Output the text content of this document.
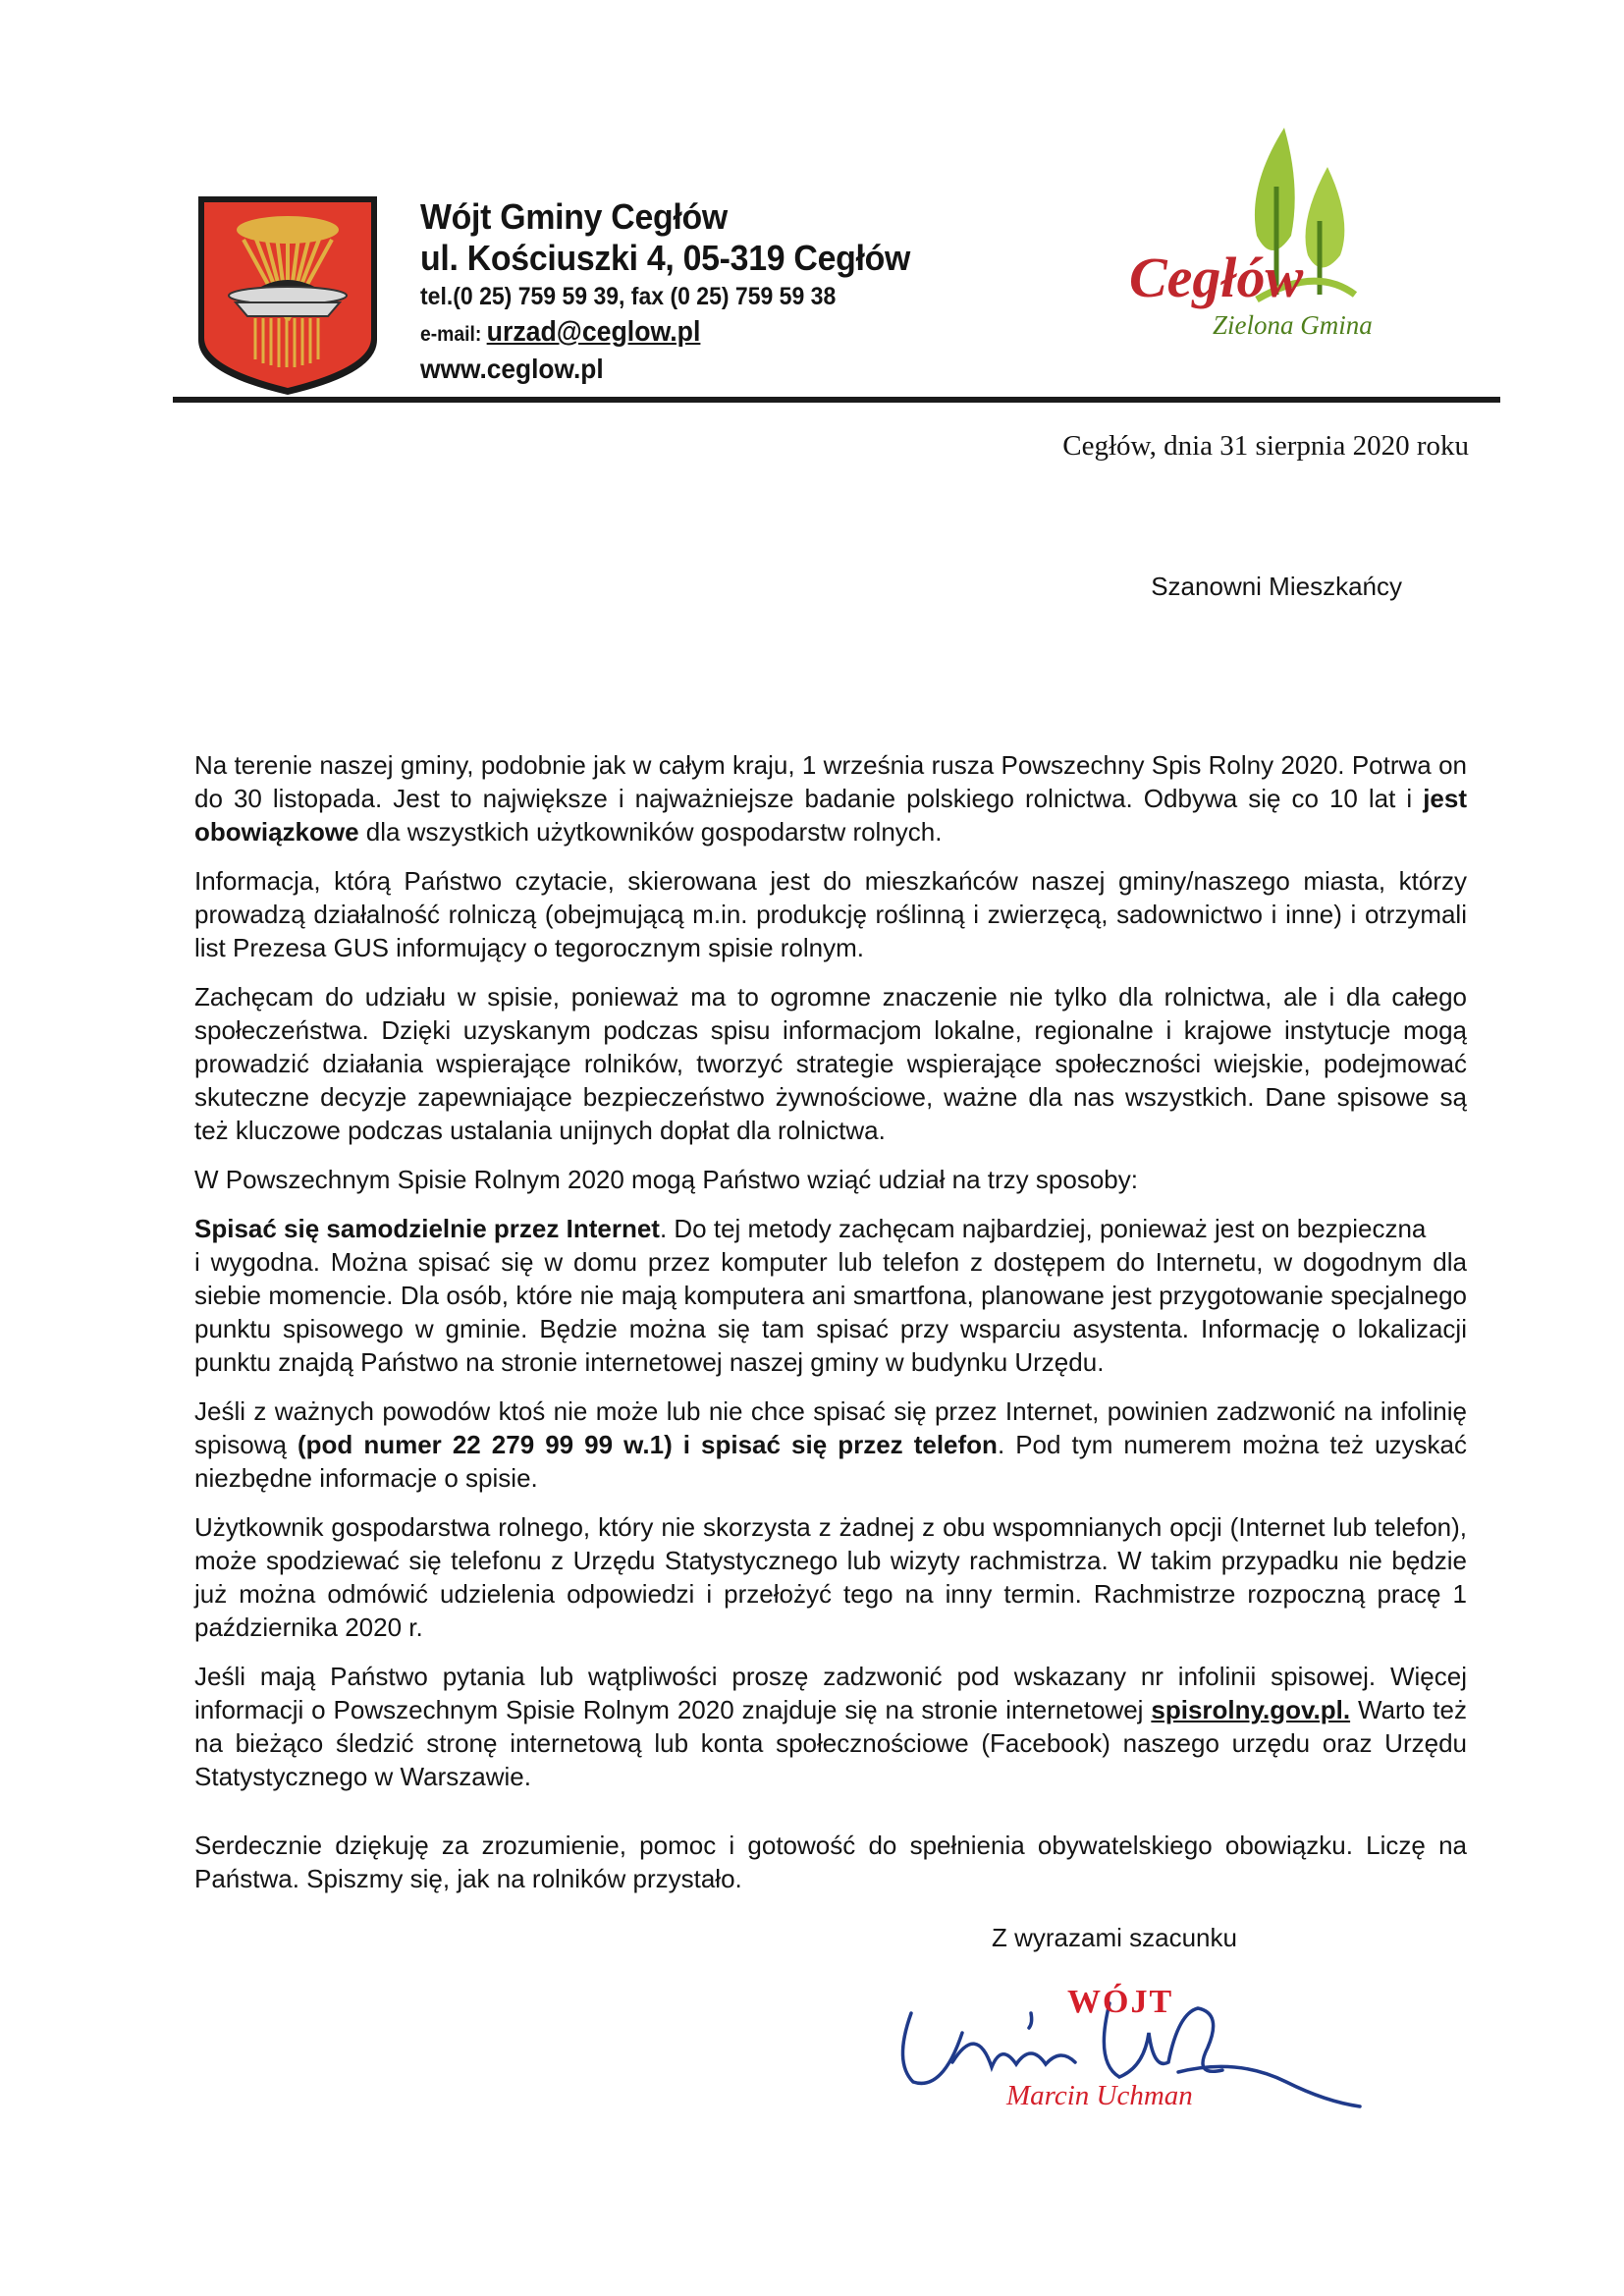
Wójt Gminy Cegłów
ul. Kościuszki 4, 05-319 Cegłów
tel.(0 25) 759 59 39, fax (0 25) 759 59 38
e-mail: urzad@ceglow.pl
www.ceglow.pl
Cegłów
Zielona Gmina
Cegłów, dnia 31 sierpnia 2020 roku
Szanowni Mieszkańcy

Na terenie naszej gminy, podobnie jak w całym kraju, 1 września rusza Powszechny Spis Rolny 2020. Potrwa on do 30 listopada. Jest to największe i najważniejsze badanie polskiego rolnictwa. Odbywa się co 10 lat i jest obowiązkowe dla wszystkich użytkowników gospodarstw rolnych.

Informacja, którą Państwo czytacie, skierowana jest do mieszkańców naszej gminy/naszego miasta, którzy prowadzą działalność rolniczą (obejmującą m.in. produkcję roślinną i zwierzęcą, sadownictwo i inne) i otrzymali list Prezesa GUS informujący o tegorocznym spisie rolnym.

Zachęcam do udziału w spisie, ponieważ ma to ogromne znaczenie nie tylko dla rolnictwa, ale i dla całego społeczeństwa. Dzięki uzyskanym podczas spisu informacjom lokalne, regionalne i krajowe instytucje mogą prowadzić działania wspierające rolników, tworzyć strategie wspierające społeczności wiejskie, podejmować skuteczne decyzje zapewniające bezpieczeństwo żywnościowe, ważne dla nas wszystkich. Dane spisowe są też kluczowe podczas ustalania unijnych dopłat dla rolnictwa.

W Powszechnym Spisie Rolnym 2020 mogą Państwo wziąć udział na trzy sposoby:

Spisać się samodzielnie przez Internet. Do tej metody zachęcam najbardziej, ponieważ jest on bezpieczna

i wygodna. Można spisać się w domu przez komputer lub telefon z dostępem do Internetu, w dogodnym dla siebie momencie. Dla osób, które nie mają komputera ani smartfona, planowane jest przygotowanie specjalnego punktu spisowego w gminie. Będzie można się tam spisać przy wsparciu asystenta. Informację o lokalizacji punktu znajdą Państwo na stronie internetowej naszej gminy w budynku Urzędu.

Jeśli z ważnych powodów ktoś nie może lub nie chce spisać się przez Internet, powinien zadzwonić na infolinię spisową (pod numer 22 279 99 99 w.1) i spisać się przez telefon. Pod tym numerem można też uzyskać niezbędne informacje o spisie.

Użytkownik gospodarstwa rolnego, który nie skorzysta z żadnej z obu wspomnianych opcji (Internet lub telefon), może spodziewać się telefonu z Urzędu Statystycznego lub wizyty rachmistrza. W takim przypadku nie będzie już można odmówić udzielenia odpowiedzi i przełożyć tego na inny termin. Rachmistrze rozpoczną pracę 1 października 2020 r.

Jeśli mają Państwo pytania lub wątpliwości proszę zadzwonić pod wskazany nr infolinii spisowej. Więcej informacji o Powszechnym Spisie Rolnym 2020 znajduje się na stronie internetowej spisrolny.gov.pl. Warto też na bieżąco śledzić stronę internetową lub konta społecznościowe (Facebook) naszego urzędu oraz Urzędu Statystycznego w Warszawie.

Serdecznie dziękuję za zrozumienie, pomoc i gotowość do spełnienia obywatelskiego obowiązku. Liczę na Państwa. Spiszmy się, jak na rolników przystało.

Z wyrazami szacunku
WÓJT
Marcin Uchman
